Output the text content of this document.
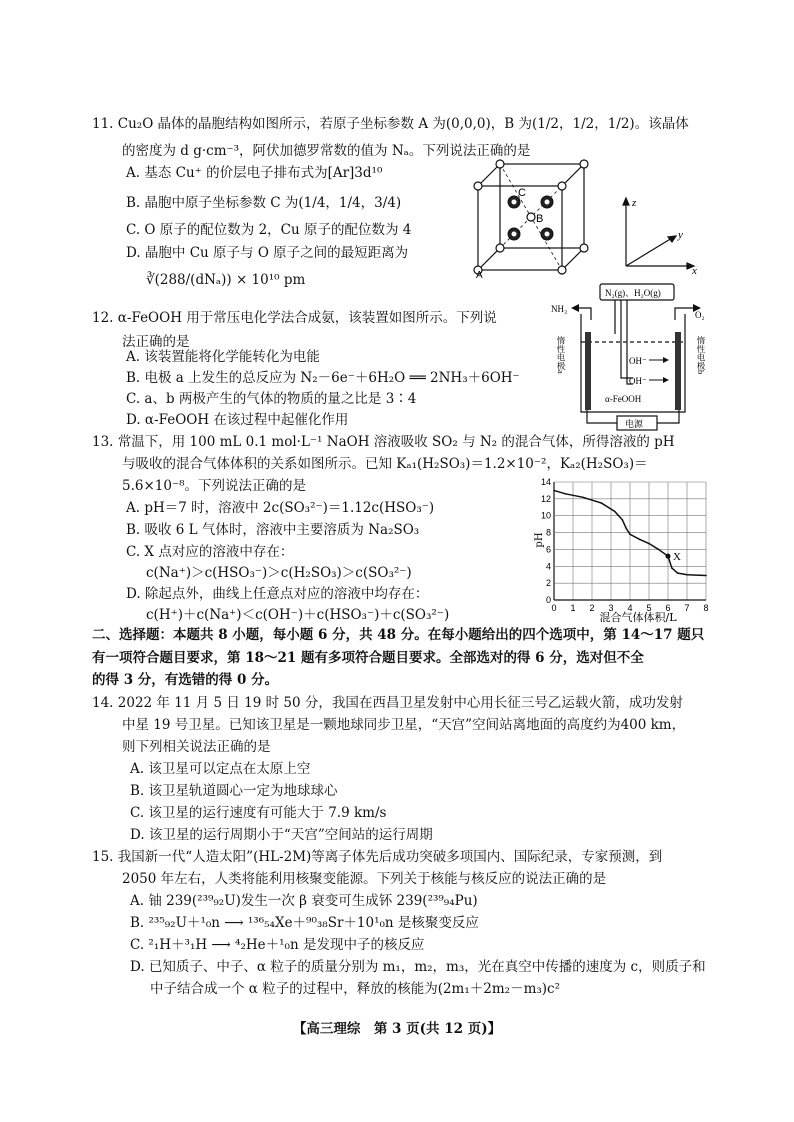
11. Cu₂O 晶体的晶胞结构如图所示，若原子坐标参数 A 为(0,0,0)，B 为(1/2，1/2，1/2)。该晶体
的密度为 d g·cm⁻³，阿伏加德罗常数的值为 Nₐ。下列说法正确的是
A. 基态 Cu⁺ 的价层电子排布式为[Ar]3d¹⁰
B. 晶胞中原子坐标参数 C 为(1/4，1/4，3/4)
C. O 原子的配位数为 2，Cu 原子的配位数为 4
D. 晶胞中 Cu 原子与 O 原子之间的最短距离为
∛(288/(dNₐ)) × 10¹⁰ pm
C
B
A
z
y
x
12. α-FeOOH 用于常压电化学法合成氨，该装置如图所示。下列说
法正确的是
A. 该装置能将化学能转化为电能
B. 电极 a 上发生的总反应为 N₂－6e⁻＋6H₂O ══ 2NH₃＋6OH⁻
C. a、b 两极产生的气体的物质的量之比是 3∶4
D. α-FeOOH 在该过程中起催化作用
N₂(g)、H₂O(g)
NH₃
O₂
OH⁻
OH⁻
α-FeOOH
电源
惰性电极a	惰性电极b
13. 常温下，用 100 mL 0.1 mol·L⁻¹ NaOH 溶液吸收 SO₂ 与 N₂ 的混合气体，所得溶液的 pH
与吸收的混合气体体积的关系如图所示。已知 Kₐ₁(H₂SO₃)＝1.2×10⁻²，Kₐ₂(H₂SO₃)＝
5.6×10⁻⁸。下列说法正确的是
A. pH＝7 时，溶液中 2c(SO₃²⁻)＝1.12c(HSO₃⁻)
B. 吸收 6 L 气体时，溶液中主要溶质为 Na₂SO₃
C. X 点对应的溶液中存在：
c(Na⁺)＞c(HSO₃⁻)＞c(H₂SO₃)＞c(SO₃²⁻)
D. 除起点外，曲线上任意点对应的溶液中均存在：
c(H⁺)＋c(Na⁺)＜c(OH⁻)＋c(HSO₃⁻)＋c(SO₃²⁻)	0 1 2 3 4 5 6 7 8
0
2
4
6
8
10
12
14
X
混合气体体积/L
pH
二、选择题：本题共 8 小题，每小题 6 分，共 48 分。在每小题给出的四个选项中，第 14～17 题只
有一项符合题目要求，第 18～21 题有多项符合题目要求。全部选对的得 6 分，选对但不全
的得 3 分，有选错的得 0 分。
14. 2022 年 11 月 5 日 19 时 50 分，我国在西昌卫星发射中心用长征三号乙运载火箭，成功发射
中星 19 号卫星。已知该卫星是一颗地球同步卫星，“天宫”空间站离地面的高度约为400 km，
则下列相关说法正确的是
A. 该卫星可以定点在太原上空
B. 该卫星轨道圆心一定为地球球心
C. 该卫星的运行速度有可能大于 7.9 km/s
D. 该卫星的运行周期小于“天宫”空间站的运行周期
15. 我国新一代“人造太阳”(HL-2M)等离子体先后成功突破多项国内、国际纪录，专家预测，到
2050 年左右，人类将能利用核聚变能源。下列关于核能与核反应的说法正确的是
A. 铀 239(²³⁹₉₂U)发生一次 β 衰变可生成钚 239(²³⁹₉₄Pu)
B. ²³⁵₉₂U＋¹₀n ⟶ ¹³⁶₅₄Xe＋⁹⁰₃₈Sr＋10¹₀n 是核聚变反应
C. ²₁H＋³₁H ⟶ ⁴₂He＋¹₀n 是发现中子的核反应
D. 已知质子、中子、α 粒子的质量分别为 m₁，m₂，m₃，光在真空中传播的速度为 c，则质子和
中子结合成一个 α 粒子的过程中，释放的核能为(2m₁＋2m₂－m₃)c²
【高三理综　第 3 页(共 12 页)】
